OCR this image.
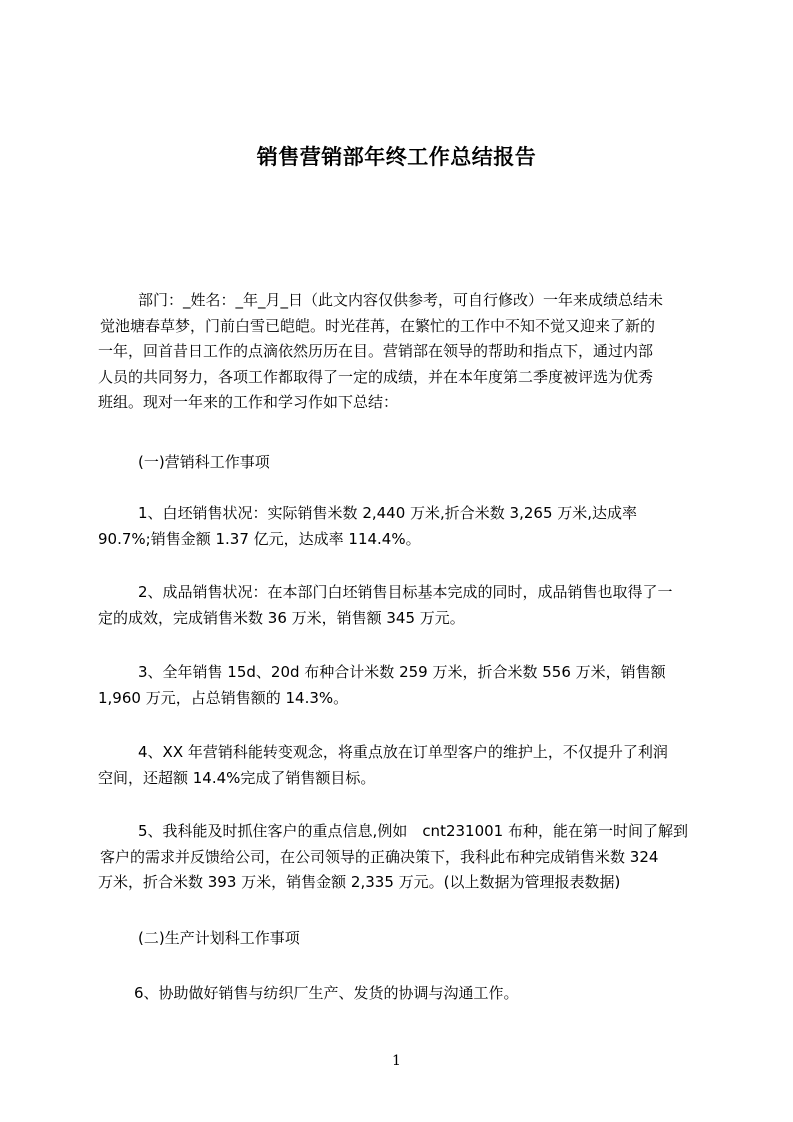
销售营销部年终工作总结报告
部门：_姓名：_年_月_日（此文内容仅供参考，可自行修改）一年来成绩总结未
觉池塘春草梦，门前白雪已皑皑。时光荏苒，在繁忙的工作中不知不觉又迎来了新的
一年，回首昔日工作的点滴依然历历在目。营销部在领导的帮助和指点下，通过内部
人员的共同努力，各项工作都取得了一定的成绩，并在本年度第二季度被评选为优秀
班组。现对一年来的工作和学习作如下总结：
(一)营销科工作事项
1、白坯销售状况：实际销售米数 2,440 万米,折合米数 3,265 万米,达成率
90.7%;销售金额 1.37 亿元，达成率 114.4%。
2、成品销售状况：在本部门白坯销售目标基本完成的同时，成品销售也取得了一
定的成效，完成销售米数 36 万米，销售额 345 万元。
3、全年销售 15d、20d 布种合计米数 259 万米，折合米数 556 万米，销售额
1,960 万元，占总销售额的 14.3%。
4、XX 年营销科能转变观念，将重点放在订单型客户的维护上，不仅提升了利润
空间，还超额 14.4%完成了销售额目标。
5、我科能及时抓住客户的重点信息,例如　cnt231001 布种，能在第一时间了解到
客户的需求并反馈给公司，在公司领导的正确决策下，我科此布种完成销售米数 324
万米，折合米数 393 万米，销售金额 2,335 万元。(以上数据为管理报表数据)
(二)生产计划科工作事项
6、协助做好销售与纺织厂生产、发货的协调与沟通工作。
1
